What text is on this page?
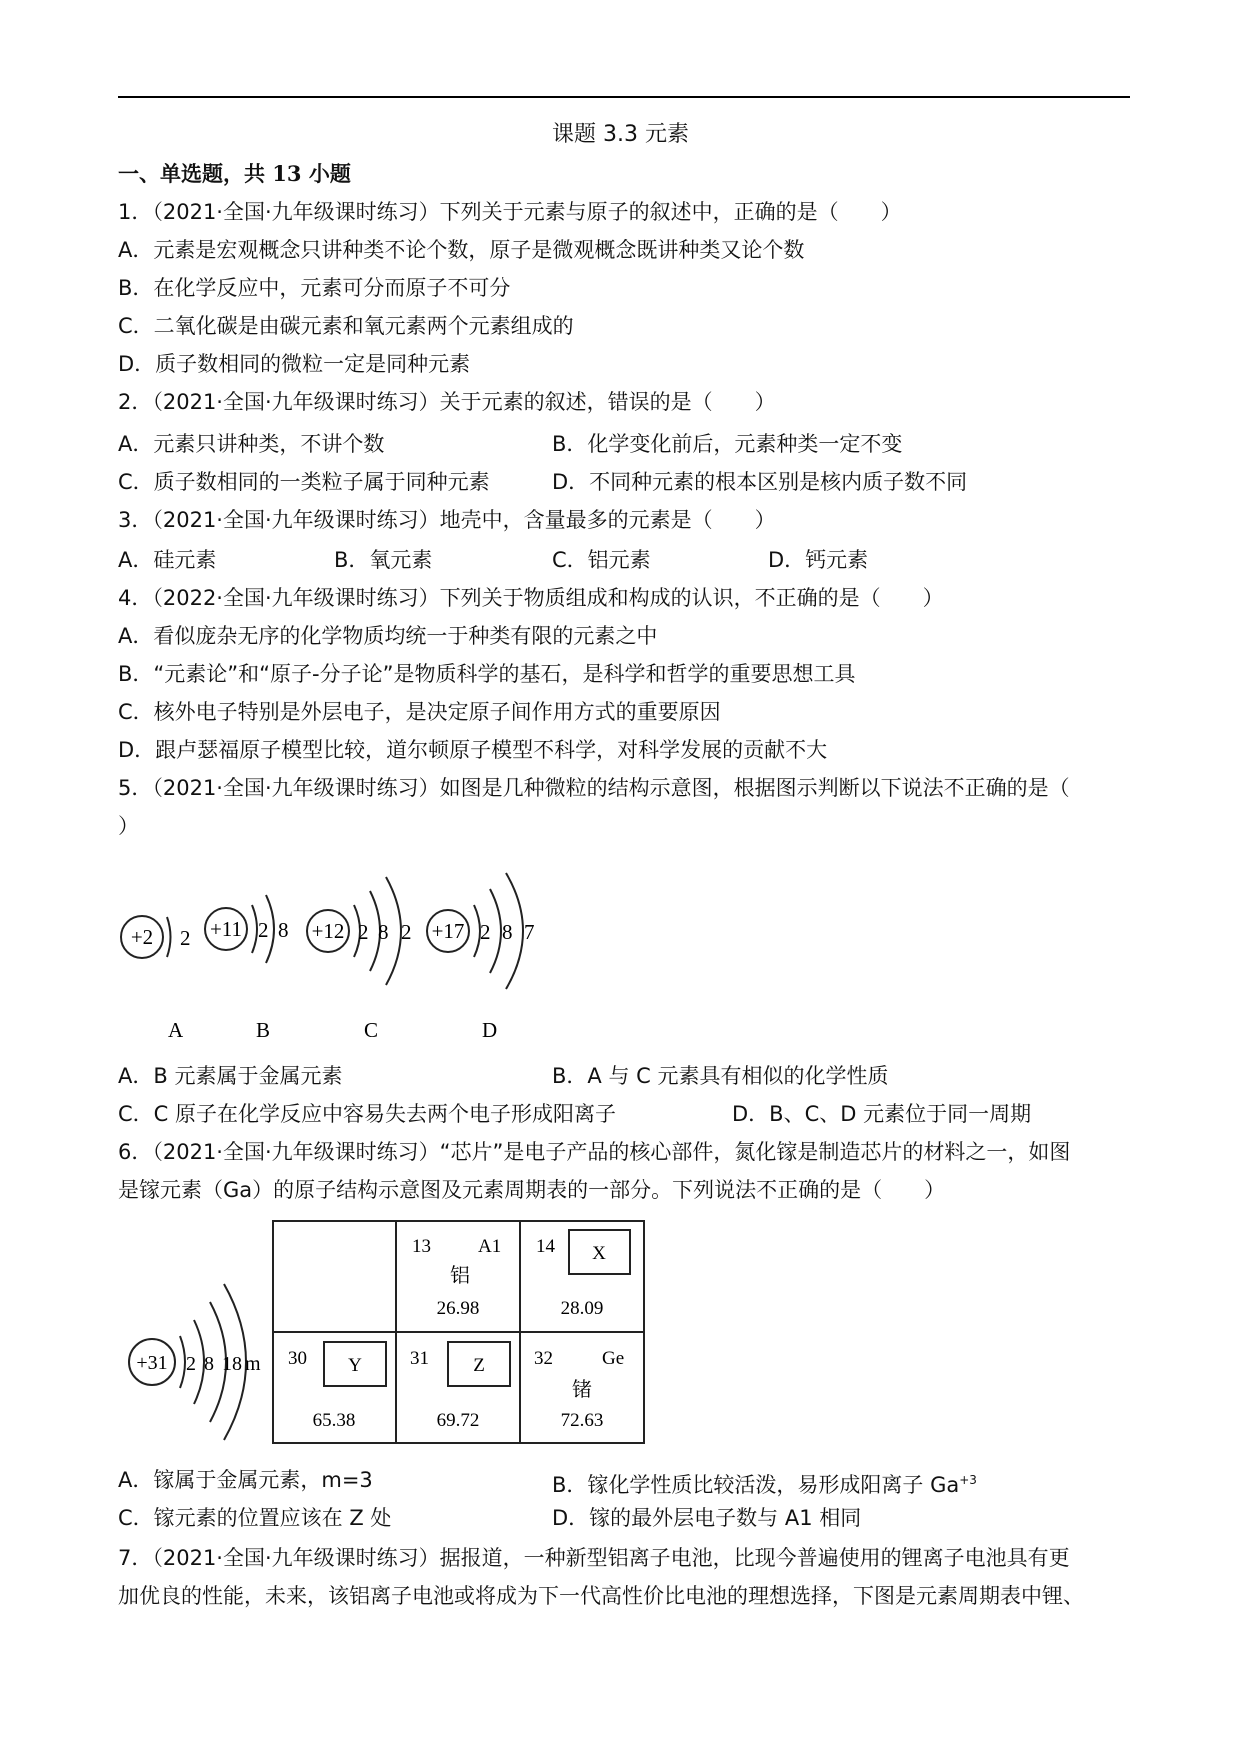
课题 3.3 元素
一、单选题，共 13 小题
1．（2021·全国·九年级课时练习）下列关于元素与原子的叙述中，正确的是（　　）
A．元素是宏观概念只讲种类不论个数，原子是微观概念既讲种类又论个数
B．在化学反应中，元素可分而原子不可分
C．二氧化碳是由碳元素和氧元素两个元素组成的
D．质子数相同的微粒一定是同种元素
2．（2021·全国·九年级课时练习）关于元素的叙述，错误的是（　　）
A．元素只讲种类，不讲个数	B．化学变化前后，元素种类一定不变
C．质子数相同的一类粒子属于同种元素	D．不同种元素的根本区别是核内质子数不同
3．（2021·全国·九年级课时练习）地壳中，含量最多的元素是（　　）
A．硅元素	B．氧元素	C．铝元素	D．钙元素
4．（2022·全国·九年级课时练习）下列关于物质组成和构成的认识，不正确的是（　　）
A．看似庞杂无序的化学物质均统一于种类有限的元素之中
B．“元素论”和“原子-分子论”是物质科学的基石，是科学和哲学的重要思想工具
C．核外电子特别是外层电子，是决定原子间作用方式的重要原因
D．跟卢瑟福原子模型比较，道尔顿原子模型不科学，对科学发展的贡献不大
5．（2021·全国·九年级课时练习）如图是几种微粒的结构示意图，根据图示判断以下说法不正确的是（
）
+2 2 +11 2 8 +12 2 8 2 +17 2 8 7
A	B	C	D
A．B 元素属于金属元素	B．A 与 C 元素具有相似的化学性质
C．C 原子在化学反应中容易失去两个电子形成阳离子	D．B、C、D 元素位于同一周期
6．（2021·全国·九年级课时练习）“芯片”是电子产品的核心部件，氮化镓是制造芯片的材料之一，如图
是镓元素（Ga）的原子结构示意图及元素周期表的一部分。下列说法不正确的是（　　）
+31 2 8 18 m
13 A1
铝
26.98
14 X
28.09
30 Y
65.38
31 Z
69.72
32	Ge
锗
72.63
A．镓属于金属元素，m=3	B．镓化学性质比较活泼，易形成阳离子 $Ga^{+3}$
C．镓元素的位置应该在 Z 处	D．镓的最外层电子数与 A1 相同
7．（2021·全国·九年级课时练习）据报道，一种新型铝离子电池，比现今普遍使用的锂离子电池具有更
加优良的性能，未来，该铝离子电池或将成为下一代高性价比电池的理想选择，下图是元素周期表中锂、
